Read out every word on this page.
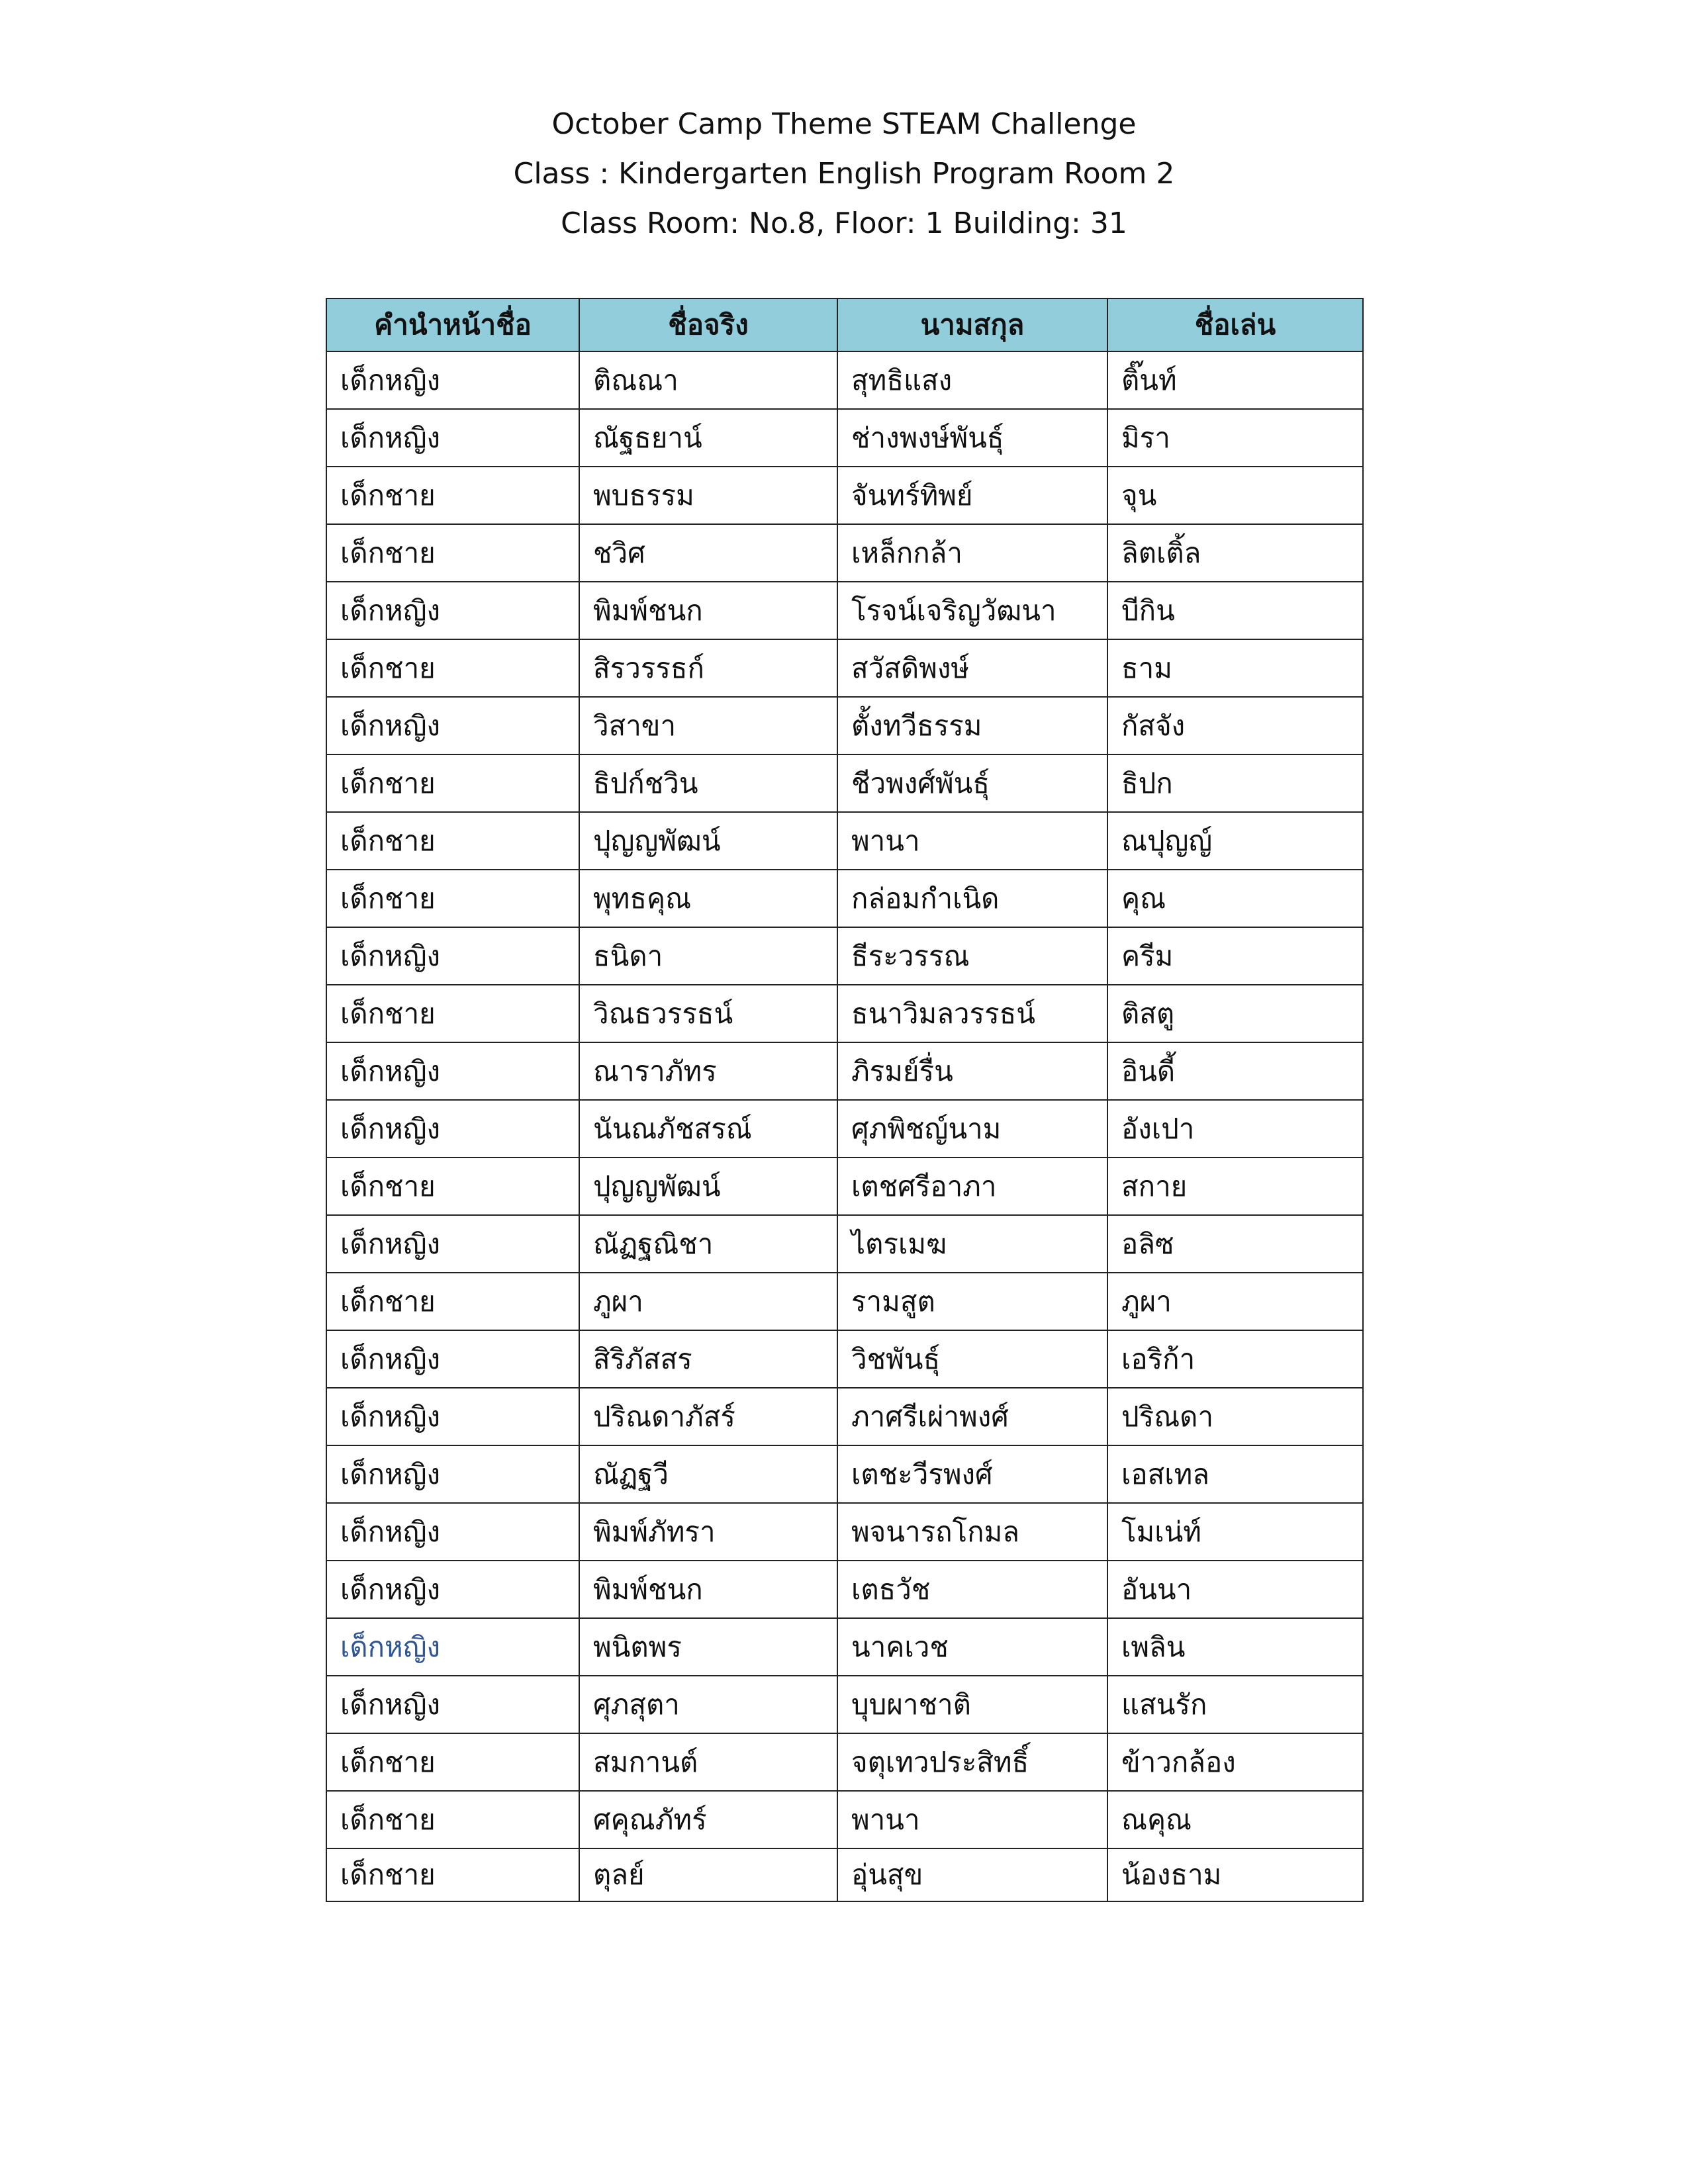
October Camp Theme STEAM Challenge
Class : Kindergarten English Program Room 2
Class Room: No.8, Floor: 1 Building: 31
คำนำหน้าชื่อ	ชื่อจริง	นามสกุล	ชื่อเล่น
เด็กหญิง	ติณณา	สุทธิแสง	ติ๊นท์
เด็กหญิง	ณัฐธยาน์	ช่างพงษ์พันธุ์	มิรา
เด็กชาย	พบธรรม	จันทร์ทิพย์	จุน
เด็กชาย	ชวิศ	เหล็กกล้า	ลิตเติ้ล
เด็กหญิง	พิมพ์ชนก	โรจน์เจริญวัฒนา	บีกิน
เด็กชาย	สิรวรรธก์	สวัสดิพงษ์	ธาม
เด็กหญิง	วิสาขา	ตั้งทวีธรรม	กัสจัง
เด็กชาย	ธิปก์ชวิน	ชีวพงศ์พันธุ์	ธิปก
เด็กชาย	ปุญญพัฒน์	พานา	ณปุญญ์
เด็กชาย	พุทธคุณ	กล่อมกำเนิด	คุณ
เด็กหญิง	ธนิดา	ธีระวรรณ	ครีม
เด็กชาย	วิณธวรรธน์	ธนาวิมลวรรธน์	ติสตู
เด็กหญิง	ณาราภัทร	ภิรมย์รื่น	อินดี้
เด็กหญิง	นันณภัชสรณ์	ศุภพิชญ์นาม	อังเปา
เด็กชาย	ปุญญพัฒน์	เตชศรีอาภา	สกาย
เด็กหญิง	ณัฏฐณิชา	ไตรเมฆ	อลิซ
เด็กชาย	ภูผา	รามสูต	ภูผา
เด็กหญิง	สิริภัสสร	วิชพันธุ์	เอริก้า
เด็กหญิง	ปริณดาภัสร์	ภาศรีเผ่าพงศ์	ปริณดา
เด็กหญิง	ณัฏฐวี	เตชะวีรพงศ์	เอสเทล
เด็กหญิง	พิมพ์ภัทรา	พจนารถโกมล	โมเน่ท์
เด็กหญิง	พิมพ์ชนก	เตธวัช	อันนา
เด็กหญิง	พนิตพร	นาคเวช	เพลิน
เด็กหญิง	ศุภสุตา	บุบผาชาติ	แสนรัก
เด็กชาย	สมกานต์	จตุเทวประสิทธิ์	ข้าวกล้อง
เด็กชาย	ศคุณภัทร์	พานา	ณคุณ
เด็กชาย	ตุลย์	อุ่นสุข	น้องธาม
